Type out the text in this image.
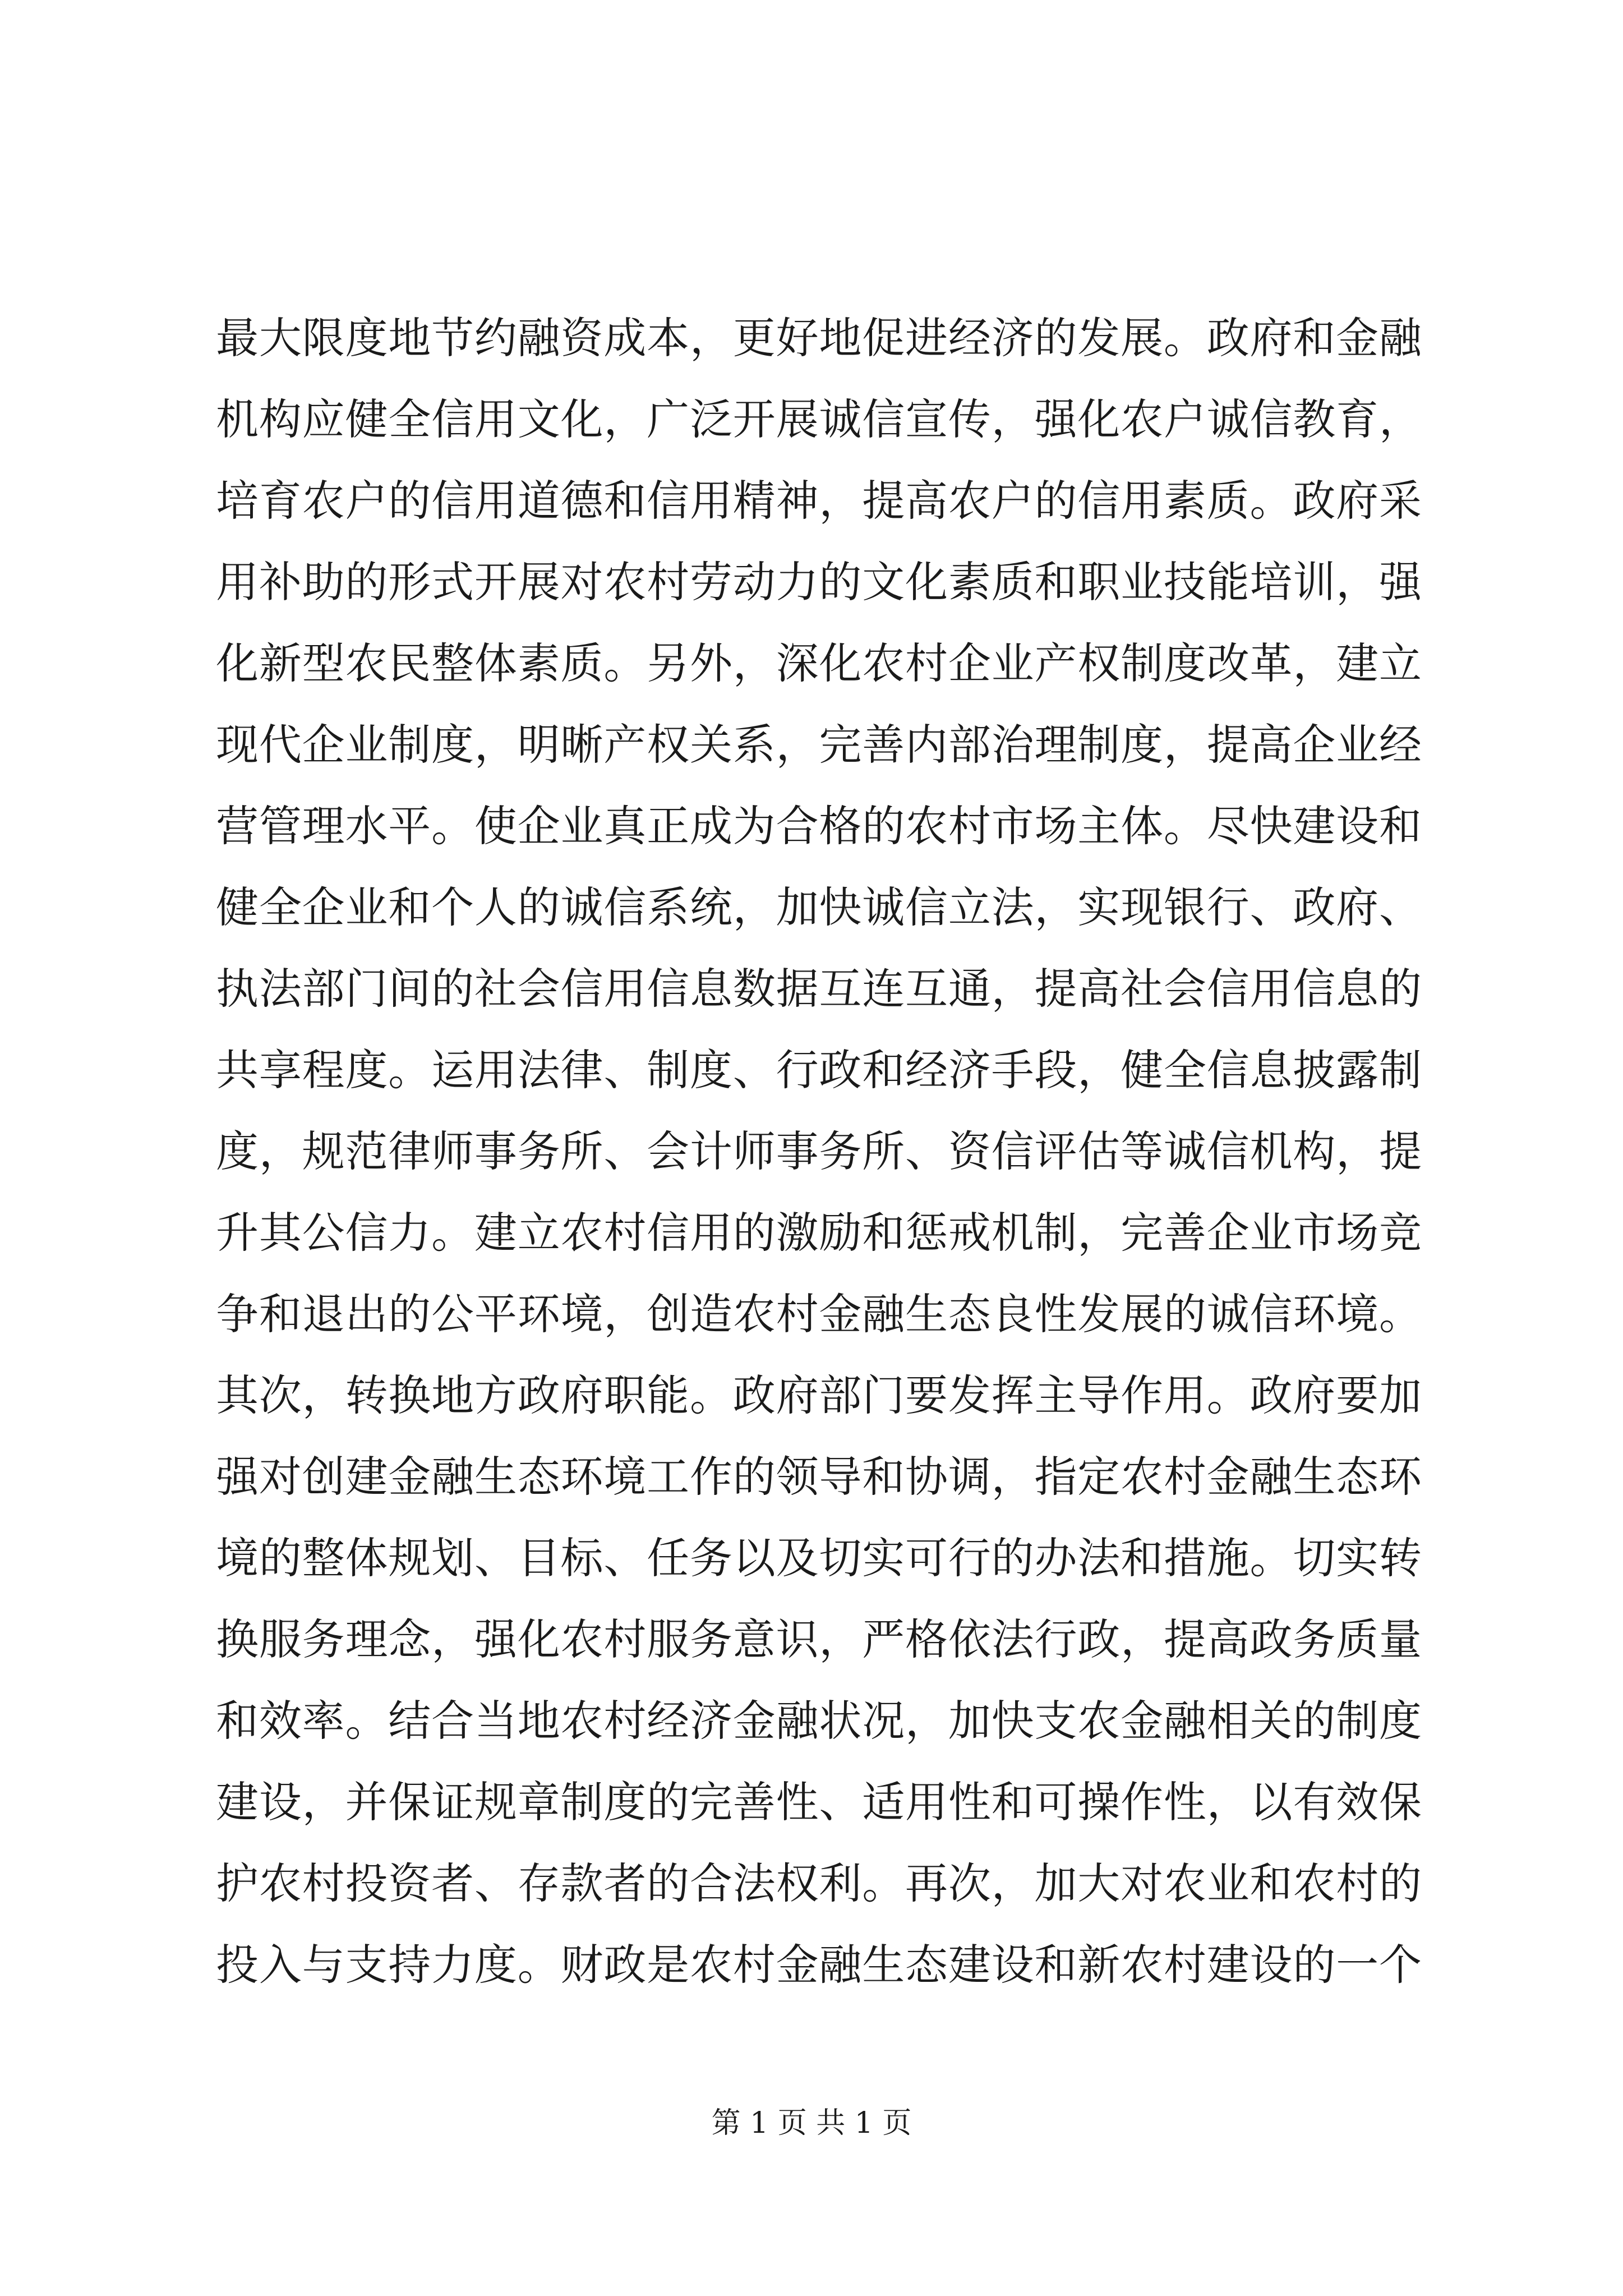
最大限度地节约融资成本，更好地促进经济的发展。政府和金融
机构应健全信用文化，广泛开展诚信宣传，强化农户诚信教育，
培育农户的信用道德和信用精神，提高农户的信用素质。政府采
用补助的形式开展对农村劳动力的文化素质和职业技能培训，强
化新型农民整体素质。另外，深化农村企业产权制度改革，建立
现代企业制度，明晰产权关系，完善内部治理制度，提高企业经
营管理水平。使企业真正成为合格的农村市场主体。尽快建设和
健全企业和个人的诚信系统，加快诚信立法，实现银行、政府、
执法部门间的社会信用信息数据互连互通，提高社会信用信息的
共享程度。运用法律、制度、行政和经济手段，健全信息披露制
度，规范律师事务所、会计师事务所、资信评估等诚信机构，提
升其公信力。建立农村信用的激励和惩戒机制，完善企业市场竞
争和退出的公平环境，创造农村金融生态良性发展的诚信环境。
其次，转换地方政府职能。政府部门要发挥主导作用。政府要加
强对创建金融生态环境工作的领导和协调，指定农村金融生态环
境的整体规划、目标、任务以及切实可行的办法和措施。切实转
换服务理念，强化农村服务意识，严格依法行政，提高政务质量
和效率。结合当地农村经济金融状况，加快支农金融相关的制度
建设，并保证规章制度的完善性、适用性和可操作性，以有效保
护农村投资者、存款者的合法权利。再次，加大对农业和农村的
投入与支持力度。财政是农村金融生态建设和新农村建设的一个
第 1 页 共 1 页
